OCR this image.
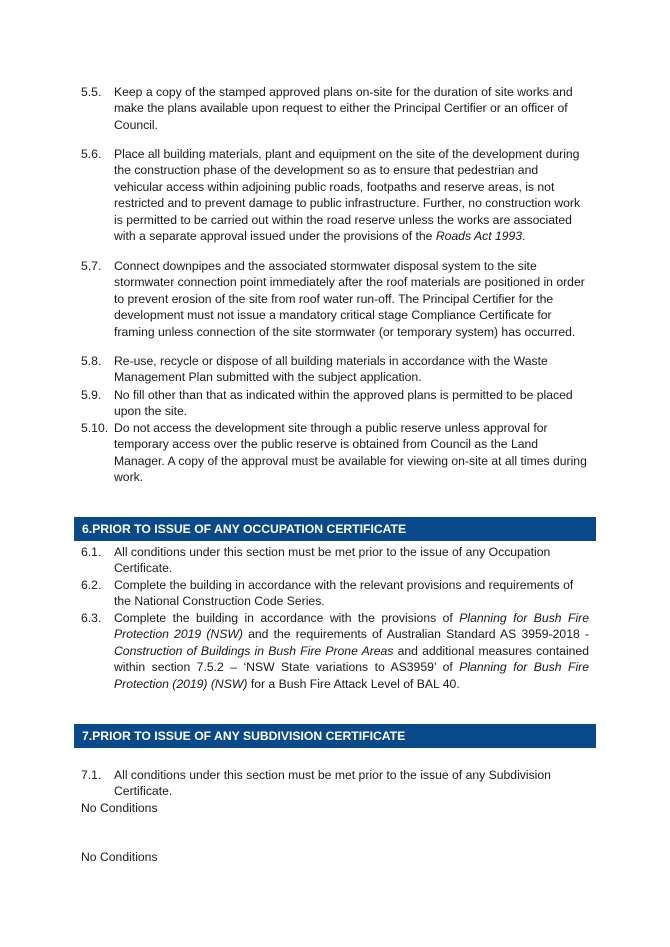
5.5.	Keep a copy of the stamped approved plans on-site for the duration of site works and make the plans available upon request to either the Principal Certifier or an officer of Council.
5.6.	Place all building materials, plant and equipment on the site of the development during the construction phase of the development so as to ensure that pedestrian and vehicular access within adjoining public roads, footpaths and reserve areas, is not restricted and to prevent damage to public infrastructure. Further, no construction work is permitted to be carried out within the road reserve unless the works are associated with a separate approval issued under the provisions of the Roads Act 1993.
5.7.	Connect downpipes and the associated stormwater disposal system to the site stormwater connection point immediately after the roof materials are positioned in order to prevent erosion of the site from roof water run-off. The Principal Certifier for the development must not issue a mandatory critical stage Compliance Certificate for framing unless connection of the site stormwater (or temporary system) has occurred.
5.8.	Re-use, recycle or dispose of all building materials in accordance with the Waste Management Plan submitted with the subject application.
5.9.	No fill other than that as indicated within the approved plans is permitted to be placed upon the site.
5.10. Do not access the development site through a public reserve unless approval for temporary access over the public reserve is obtained from Council as the Land Manager. A copy of the approval must be available for viewing on-site at all times during work.
6.PRIOR TO ISSUE OF ANY OCCUPATION CERTIFICATE
6.1.	All conditions under this section must be met prior to the issue of any Occupation Certificate.
6.2.	Complete the building in accordance with the relevant provisions and requirements of the National Construction Code Series.
6.3.	Complete the building in accordance with the provisions of Planning for Bush Fire Protection 2019 (NSW) and the requirements of Australian Standard AS 3959-2018 - Construction of Buildings in Bush Fire Prone Areas and additional measures contained within section 7.5.2 – ‘NSW State variations to AS3959’ of Planning for Bush Fire Protection (2019) (NSW) for a Bush Fire Attack Level of BAL 40.
7.PRIOR TO ISSUE OF ANY SUBDIVISION CERTIFICATE
7.1.	All conditions under this section must be met prior to the issue of any Subdivision Certificate.
No Conditions
No Conditions
